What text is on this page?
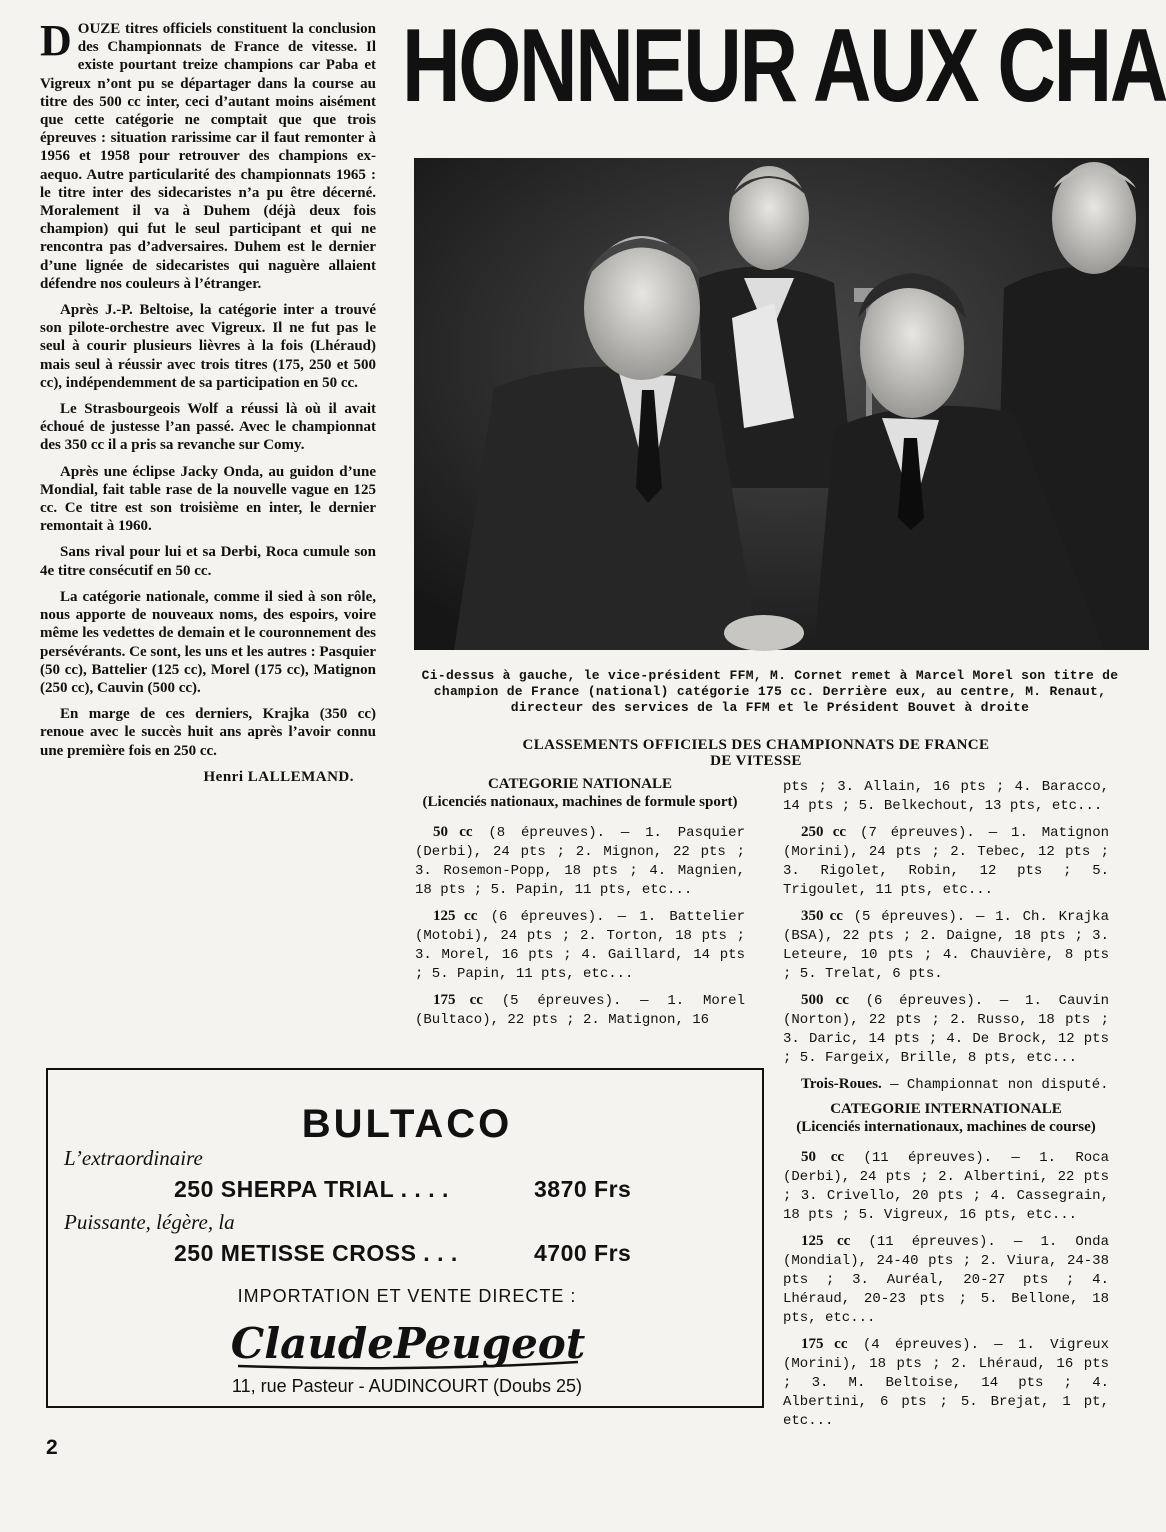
DOUZE titres officiels constituent la conclusion des Championnats de France de vitesse. Il existe pourtant treize champions car Paba et Vigreux n’ont pu se départager dans la course au titre des 500 cc inter, ceci d’autant moins aisément que cette catégorie ne comptait que que trois épreuves : situation rarissime car il faut remonter à 1956 et 1958 pour retrouver des champions ex-aequo. Autre particularité des championnats 1965 : le titre inter des sidecaristes n’a pu être décerné. Moralement il va à Duhem (déjà deux fois champion) qui fut le seul participant et qui ne rencontra pas d’adversaires. Duhem est le dernier d’une lignée de sidecaristes qui naguère allaient défendre nos couleurs à l’étranger.

Après J.-P. Beltoise, la catégorie inter a trouvé son pilote-orchestre avec Vigreux. Il ne fut pas le seul à courir plusieurs lièvres à la fois (Lhéraud) mais seul à réussir avec trois titres (175, 250 et 500 cc), indépendemment de sa participation en 50 cc.

Le Strasbourgeois Wolf a réussi là où il avait échoué de justesse l’an passé. Avec le championnat des 350 cc il a pris sa revanche sur Comy.

Après une éclipse Jacky Onda, au guidon d’une Mondial, fait table rase de la nouvelle vague en 125 cc. Ce titre est son troisième en inter, le dernier remontait à 1960.

Sans rival pour lui et sa Derbi, Roca cumule son 4e titre consécutif en 50 cc.

La catégorie nationale, comme il sied à son rôle, nous apporte de nouveaux noms, des espoirs, voire même les vedettes de demain et le couronnement des persévérants. Ce sont, les uns et les autres : Pasquier (50 cc), Battelier (125 cc), Morel (175 cc), Matignon (250 cc), Cauvin (500 cc).

En marge de ces derniers, Krajka (350 cc) renoue avec le succès huit ans après l’avoir connu une première fois en 250 cc.

Henri LALLEMAND.
HONNEUR AUX CHA
Ci-dessus à gauche, le vice-président FFM, M. Cornet remet à Marcel Morel son titre de champion de France (national) catégorie 175 cc. Derrière eux, au centre, M. Renaut, directeur des services de la FFM et le Président Bouvet à droite
CLASSEMENTS OFFICIELS DES CHAMPIONNATS DE FRANCE
DE VITESSE
CATEGORIE NATIONALE
(Licenciés nationaux, machines de formule sport)

50 cc (8 épreuves). — 1. Pasquier (Derbi), 24 pts ; 2. Mignon, 22 pts ; 3. Rosemon-Popp, 18 pts ; 4. Magnien, 18 pts ; 5. Papin, 11 pts, etc...

125 cc (6 épreuves). — 1. Battelier (Motobi), 24 pts ; 2. Torton, 18 pts ; 3. Morel, 16 pts ; 4. Gaillard, 14 pts ; 5. Papin, 11 pts, etc...

175 cc (5 épreuves). — 1. Morel (Bultaco), 22 pts ; 2. Matignon, 16

pts ; 3. Allain, 16 pts ; 4. Baracco, 14 pts ; 5. Belkechout, 13 pts, etc...

250 cc (7 épreuves). — 1. Matignon (Morini), 24 pts ; 2. Tebec, 12 pts ; 3. Rigolet, Robin, 12 pts ; 5. Trigoulet, 11 pts, etc...

350 cc (5 épreuves). — 1. Ch. Krajka (BSA), 22 pts ; 2. Daigne, 18 pts ; 3. Leteure, 10 pts ; 4. Chauvière, 8 pts ; 5. Trelat, 6 pts.

500 cc (6 épreuves). — 1. Cauvin (Norton), 22 pts ; 2. Russo, 18 pts ; 3. Daric, 14 pts ; 4. De Brock, 12 pts ; 5. Fargeix, Brille, 8 pts, etc...

Trois-Roues. — Championnat non disputé.

CATEGORIE INTERNATIONALE
(Licenciés internationaux, machines de course)

50 cc (11 épreuves). — 1. Roca (Derbi), 24 pts ; 2. Albertini, 22 pts ; 3. Crivello, 20 pts ; 4. Cassegrain, 18 pts ; 5. Vigreux, 16 pts, etc...

125 cc (11 épreuves). — 1. Onda (Mondial), 24-40 pts ; 2. Viura, 24-38 pts ; 3. Auréal, 20-27 pts ; 4. Lhéraud, 20-23 pts ; 5. Bellone, 18 pts, etc...

175 cc (4 épreuves). — 1. Vigreux (Morini), 18 pts ; 2. Lhéraud, 16 pts ; 3. M. Beltoise, 14 pts ; 4. Albertini, 6 pts ; 5. Brejat, 1 pt, etc...

BULTACO
L’extraordinaire
250 SHERPA TRIAL . . . .	3870 Frs
Puissante, légère, la
250 METISSE CROSS . . .	4700 Frs
IMPORTATION ET VENTE DIRECTE :
ClaudePeugeot
11, rue Pasteur - AUDINCOURT (Doubs 25)
2
